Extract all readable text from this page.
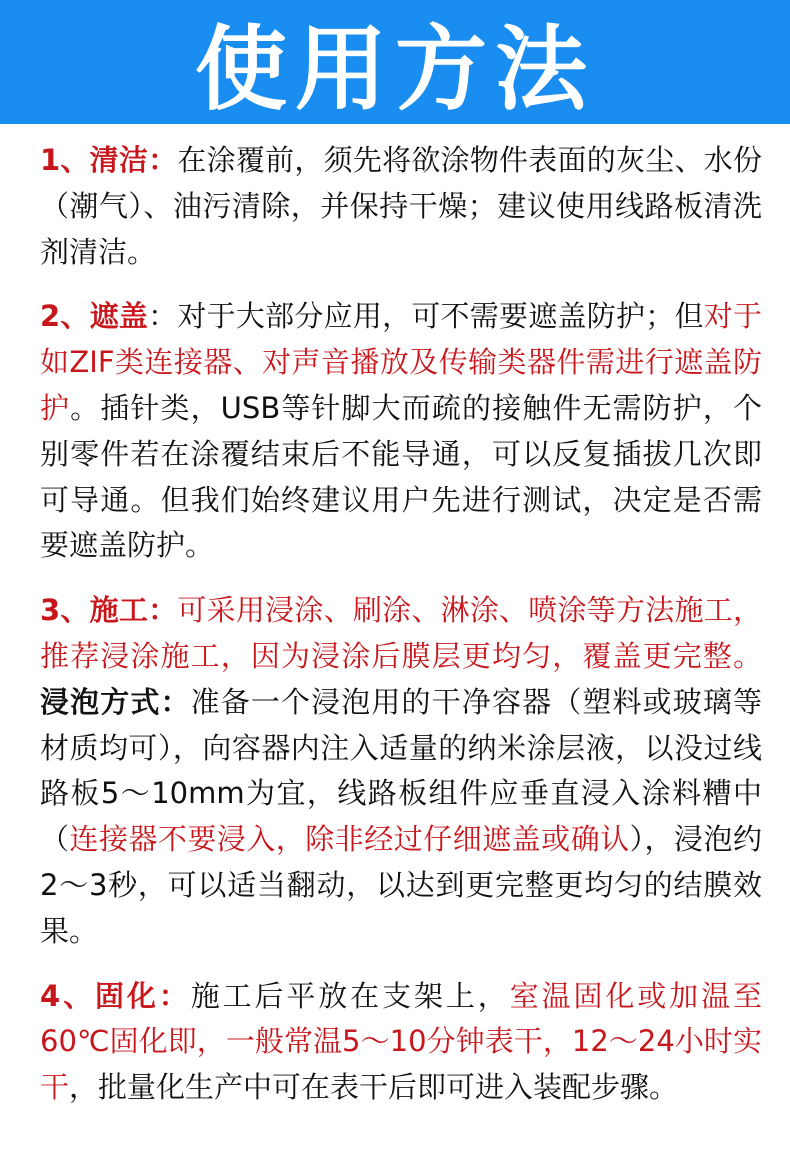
使用方法

1、清洁：在涂覆前，须先将欲涂物件表面的灰尘、水份（潮气）、油污清除，并保持干燥；建议使用线路板清洗剂清洁。

2、遮盖：对于大部分应用，可不需要遮盖防护；但对于如ZIF类连接器、对声音播放及传输类器件需进行遮盖防护。插针类，USB等针脚大而疏的接触件无需防护，个别零件若在涂覆结束后不能导通，可以反复插拔几次即可导通。但我们始终建议用户先进行测试，决定是否需要遮盖防护。

3、施工：可采用浸涂、刷涂、淋涂、喷涂等方法施工，推荐浸涂施工，因为浸涂后膜层更均匀，覆盖更完整。浸泡方式：准备一个浸泡用的干净容器（塑料或玻璃等材质均可），向容器内注入适量的纳米涂层液，以没过线路板5～10mm为宜，线路板组件应垂直浸入涂料糟中（连接器不要浸入，除非经过仔细遮盖或确认），浸泡约2～3秒，可以适当翻动，以达到更完整更均匀的结膜效果。

4、固化：施工后平放在支架上，室温固化或加温至60℃固化即，一般常温5～10分钟表干，12～24小时实干，批量化生产中可在表干后即可进入装配步骤。
